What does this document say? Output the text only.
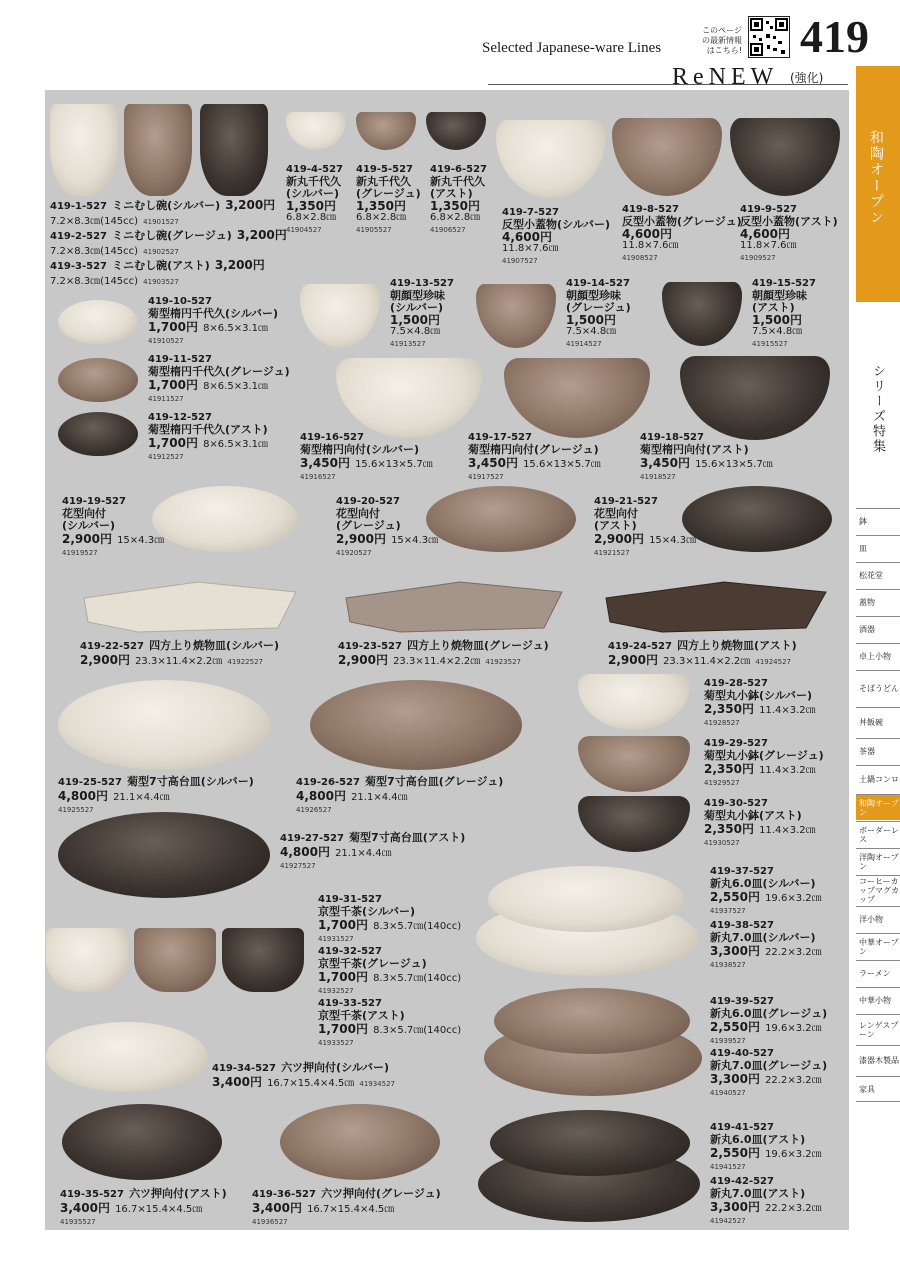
Selected Japanese-ware Lines
このページの最新情報はこちら! 419
ReNEW (強化)
和陶オープン
シリーズ特集
鉢
皿
松花堂
蓋物
酒器
卓上小物
そばうどん
丼飯碗
茶器
土鍋コンロ
和陶オープン
ボーダーレス
洋陶オープン
コーヒーカップマグカップ
洋小物
中華オープン
ラーメン
中華小物
レンゲスプーン
漆器木製品
家具
419-1-527 ミニむし碗(シルバー) 3,200円
7.2×8.3㎝(145cc) 41901527
419-2-527 ミニむし碗(グレージュ) 3,200円
7.2×8.3㎝(145cc) 41902527
419-3-527 ミニむし碗(アスト) 3,200円
7.2×8.3㎝(145cc) 41903527
419-4-527
新丸千代久
(シルバー)
1,350円
6.8×2.8㎝
41904527
419-5-527
新丸千代久
(グレージュ)
1,350円
6.8×2.8㎝
41905527
419-6-527
新丸千代久
(アスト)
1,350円
6.8×2.8㎝
41906527
419-7-527
反型小蓋物(シルバー)
4,600円
11.8×7.6㎝
41907527
419-8-527
反型小蓋物(グレージュ)
4,600円
11.8×7.6㎝
41908527
419-9-527
反型小蓋物(アスト)
4,600円
11.8×7.6㎝
41909527
419-10-527
菊型楕円千代久(シルバー)
1,700円 8×6.5×3.1㎝
41910527
419-11-527
菊型楕円千代久(グレージュ)
1,700円 8×6.5×3.1㎝
41911527
419-12-527
菊型楕円千代久(アスト)
1,700円 8×6.5×3.1㎝
41912527
419-13-527
朝顔型珍味
(シルバー)
1,500円
7.5×4.8㎝
41913527
419-14-527
朝顔型珍味
(グレージュ)
1,500円
7.5×4.8㎝
41914527
419-15-527
朝顔型珍味
(アスト)
1,500円
7.5×4.8㎝
41915527
419-16-527
菊型楕円向付(シルバー)
3,450円 15.6×13×5.7㎝
41916527
419-17-527
菊型楕円向付(グレージュ)
3,450円 15.6×13×5.7㎝
41917527
419-18-527
菊型楕円向付(アスト)
3,450円 15.6×13×5.7㎝
41918527
419-19-527
花型向付
(シルバー)
2,900円 15×4.3㎝
41919527
419-20-527
花型向付
(グレージュ)
2,900円 15×4.3㎝
41920527
419-21-527
花型向付
(アスト)
2,900円 15×4.3㎝
41921527
419-22-527 四方上り焼物皿(シルバー)
2,900円 23.3×11.4×2.2㎝ 41922527
419-23-527 四方上り焼物皿(グレージュ)
2,900円 23.3×11.4×2.2㎝ 41923527
419-24-527 四方上り焼物皿(アスト)
2,900円 23.3×11.4×2.2㎝ 41924527
419-25-527 菊型7寸高台皿(シルバー)
4,800円 21.1×4.4㎝
41925527
419-26-527 菊型7寸高台皿(グレージュ)
4,800円 21.1×4.4㎝
41926527
419-27-527 菊型7寸高台皿(アスト)
4,800円 21.1×4.4㎝
41927527
419-28-527
菊型丸小鉢(シルバー)
2,350円 11.4×3.2㎝
41928527
419-29-527
菊型丸小鉢(グレージュ)
2,350円 11.4×3.2㎝
41929527
419-30-527
菊型丸小鉢(アスト)
2,350円 11.4×3.2㎝
41930527
419-31-527
京型千茶(シルバー)
1,700円 8.3×5.7㎝(140cc)
41931527
419-32-527
京型千茶(グレージュ)
1,700円 8.3×5.7㎝(140cc)
41932527
419-33-527
京型千茶(アスト)
1,700円 8.3×5.7㎝(140cc)
41933527
419-34-527 六ツ押向付(シルバー)
3,400円 16.7×15.4×4.5㎝ 41934527
419-35-527 六ツ押向付(アスト)
3,400円 16.7×15.4×4.5㎝
41935527
419-36-527 六ツ押向付(グレージュ)
3,400円 16.7×15.4×4.5㎝
41936527
419-37-527
新丸6.0皿(シルバー)
2,550円 19.6×3.2㎝
41937527
419-38-527
新丸7.0皿(シルバー)
3,300円 22.2×3.2㎝
41938527
419-39-527
新丸6.0皿(グレージュ)
2,550円 19.6×3.2㎝
41939527
419-40-527
新丸7.0皿(グレージュ)
3,300円 22.2×3.2㎝
41940527
419-41-527
新丸6.0皿(アスト)
2,550円 19.6×3.2㎝
41941527
419-42-527
新丸7.0皿(アスト)
3,300円 22.2×3.2㎝
41942527
